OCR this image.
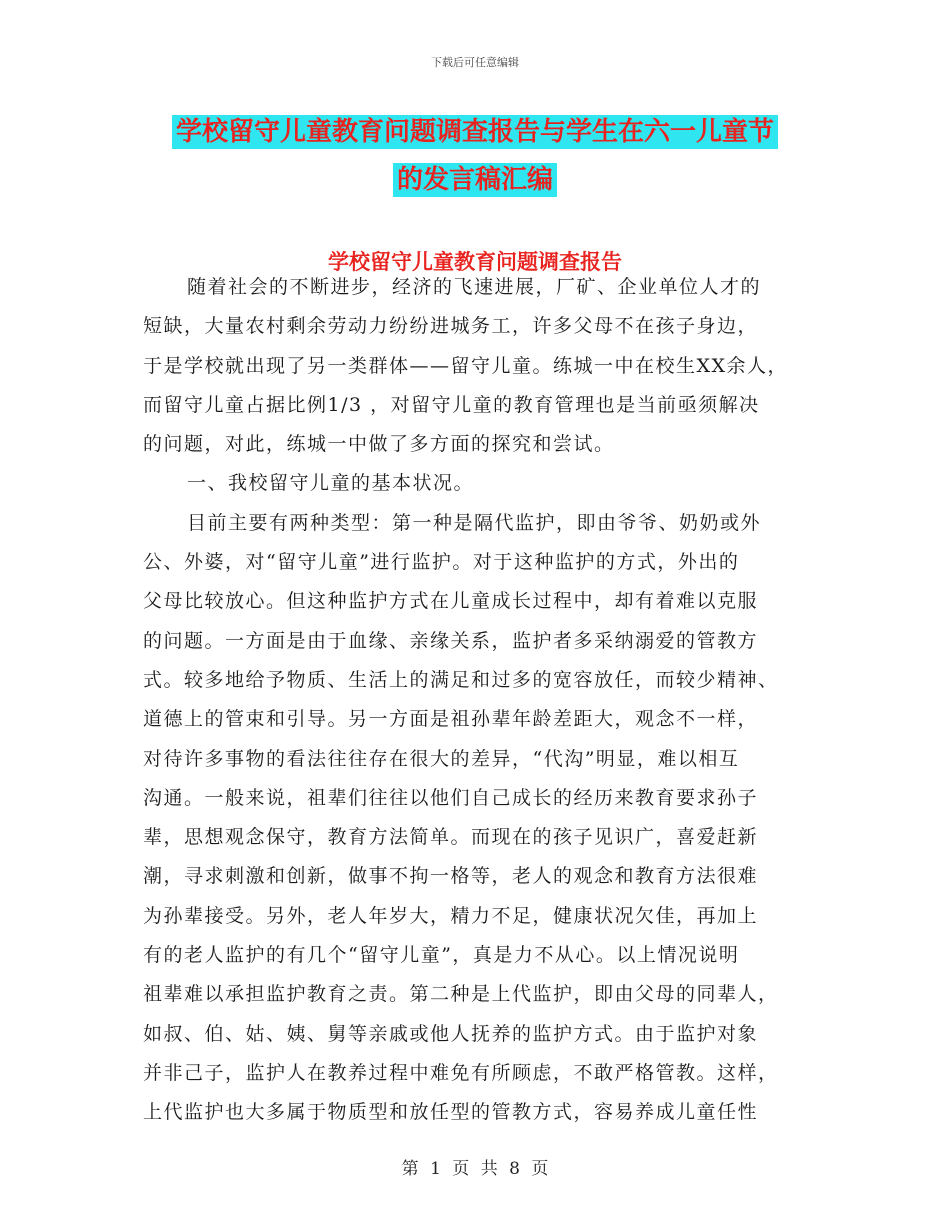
下载后可任意编辑
学校留守儿童教育问题调查报告与学生在六一儿童节
的发言稿汇编
学校留守儿童教育问题调查报告
随着社会的不断进步，经济的飞速进展，厂矿、企业单位人才的
短缺，大量农村剩余劳动力纷纷进城务工，许多父母不在孩子身边，
于是学校就出现了另一类群体——留守儿童。练城一中在校生XX余人，
而留守儿童占据比例1/3 ，对留守儿童的教育管理也是当前亟须解决
的问题，对此，练城一中做了多方面的探究和尝试。
一、我校留守儿童的基本状况。
目前主要有两种类型：第一种是隔代监护，即由爷爷、奶奶或外
公、外婆，对“留守儿童”进行监护。对于这种监护的方式，外出的
父母比较放心。但这种监护方式在儿童成长过程中，却有着难以克服
的问题。一方面是由于血缘、亲缘关系，监护者多采纳溺爱的管教方
式。较多地给予物质、生活上的满足和过多的宽容放任，而较少精神、
道德上的管束和引导。另一方面是祖孙辈年龄差距大，观念不一样，
对待许多事物的看法往往存在很大的差异，“代沟”明显，难以相互
沟通。一般来说，祖辈们往往以他们自己成长的经历来教育要求孙子
辈，思想观念保守，教育方法简单。而现在的孩子见识广，喜爱赶新
潮，寻求刺激和创新，做事不拘一格等，老人的观念和教育方法很难
为孙辈接受。另外，老人年岁大，精力不足，健康状况欠佳，再加上
有的老人监护的有几个“留守儿童”，真是力不从心。以上情况说明
祖辈难以承担监护教育之责。第二种是上代监护，即由父母的同辈人，
如叔、伯、姑、姨、舅等亲戚或他人抚养的监护方式。由于监护对象
并非己子，监护人在教养过程中难免有所顾虑，不敢严格管教。这样，
上代监护也大多属于物质型和放任型的管教方式，容易养成儿童任性
第 1 页 共 8 页
